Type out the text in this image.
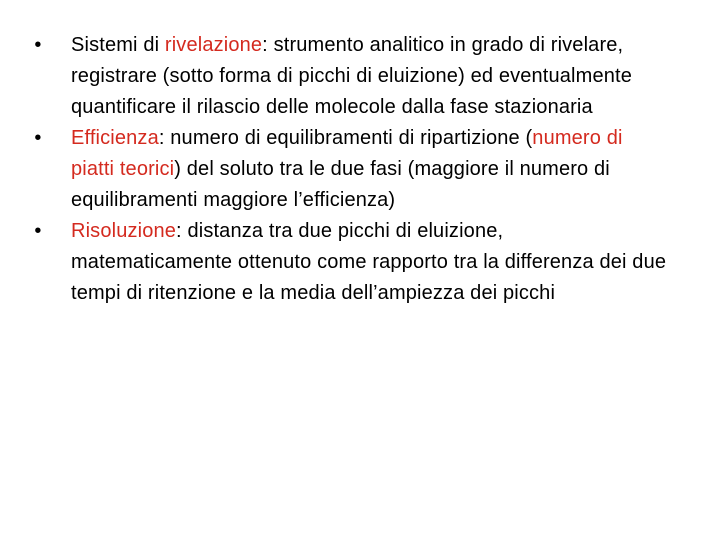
• Sistemi di rivelazione: strumento analitico in grado di rivelare, registrare (sotto forma di picchi di eluizione) ed eventualmente quantificare il rilascio delle molecole dalla fase stazionaria
• Efficienza: numero di equilibramenti di ripartizione (numero di piatti teorici) del soluto tra le due fasi (maggiore il numero di equilibramenti maggiore l’efficienza)
• Risoluzione: distanza tra due picchi di eluizione, matematicamente ottenuto come rapporto tra la differenza dei due tempi di ritenzione e la media dell’ampiezza dei picchi
